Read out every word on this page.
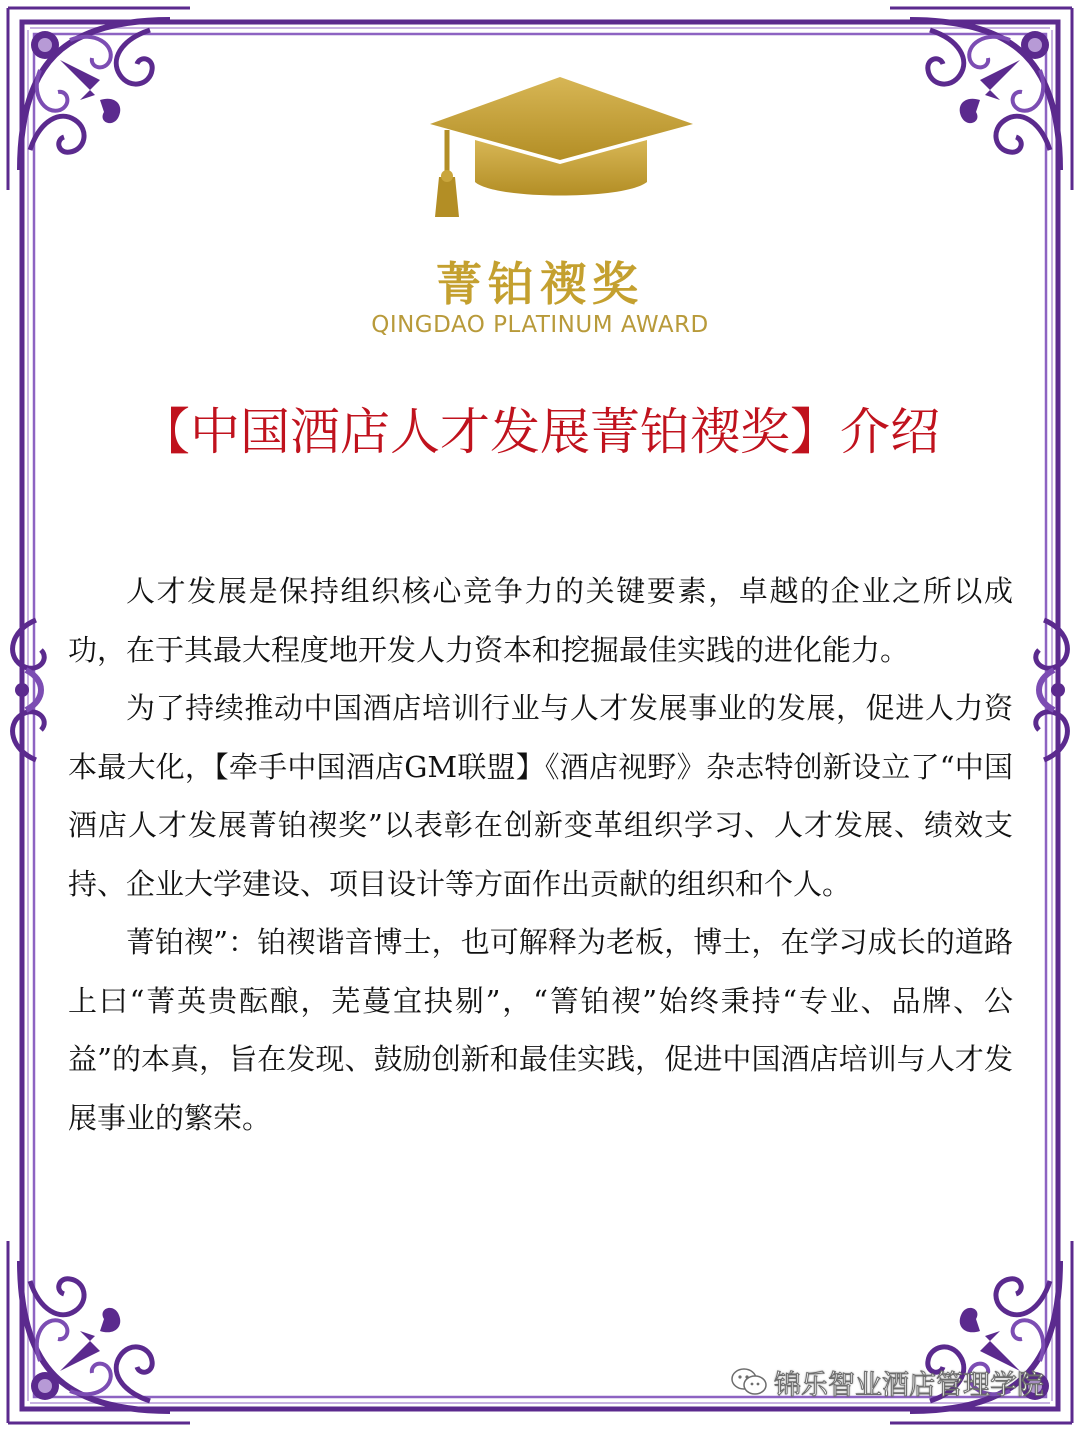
菁铂禊奖
QINGDAO PLATINUM AWARD
【中国酒店人才发展菁铂禊奖】介绍

人才发展是保持组织核心竞争力的关键要素，卓越的企业之所以成功，在于其最大程度地开发人力资本和挖掘最佳实践的进化能力。

为了持续推动中国酒店培训行业与人才发展事业的发展，促进人力资本最大化，【牵手中国酒店GM联盟】《酒店视野》杂志特创新设立了“中国酒店人才发展菁铂禊奖”以表彰在创新变革组织学习、人才发展、绩效支持、企业大学建设、项目设计等方面作出贡献的组织和个人。

菁铂禊”：铂禊谐音博士，也可解释为老板，博士，在学习成长的道路上曰“菁英贵酝酿，芜蔓宜抉剔”，“箐铂禊”始终秉持“专业、品牌、公益”的本真，旨在发现、鼓励创新和最佳实践，促进中国酒店培训与人才发展事业的繁荣。

锦乐智业酒店管理学院
